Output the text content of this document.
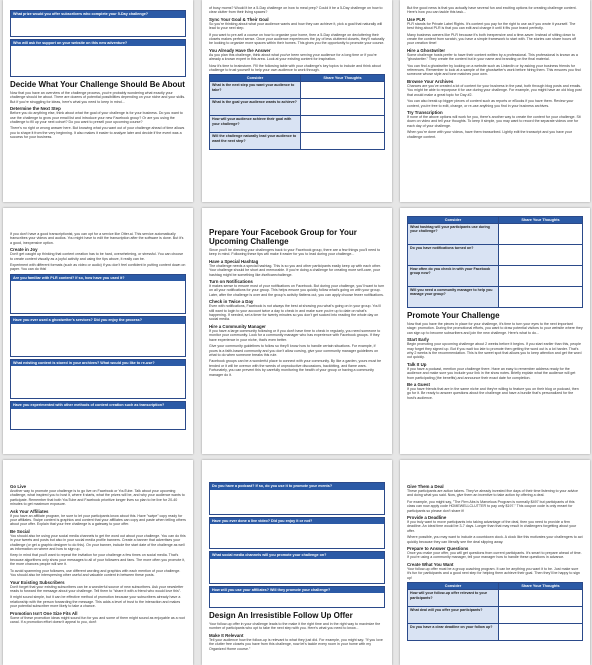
What prize would you offer subscribers who complete your 5-Day challenge?
Who will ask for support on your website on this new adventure?
Decide What Your Challenge Should Be About

Now that you have an overview of the challenge process, you're probably wondering what exactly your challenge should be about. There are dozens of potential possibilities depending on your niche and your skills. But if you're struggling for ideas, here's what you need to keep in mind...

Determine the Next Step

Before you do anything else, think about what the goal of your challenge is for your business. Do you want to use the challenge to grow your email list and introduce your new Facebook group? Or are you using the challenge to fill up your next cohort? Do you want to presell your upcoming course?

There's no right or wrong answer here. But knowing what you want out of your challenge ahead of time allows you to shape it from the very beginning. It also makes it easier to analyze later and decide if the event was a success for your business.

of busy moms? Would it be a 5-Day challenge on how to meal prep? Could it be a 5-Day challenge on how to clear clutter from their living spaces?

Sync Your Goal & Their Goal

So you're thinking about what your audience wants and how they can achieve it, pick a goal that naturally will lead to your next step.

If you want to pre-sell a course on how to organize your home, then a 5-Day challenge on decluttering their closets makes perfect sense. Once your audience experiences the joy of less cluttered closets, they'll naturally be looking to organize more spaces within their homes. This gives you the opportunity to promote your course.

You Already Have the Answer

As you plan this challenge, think about what you've been serving your audience for a long time or if you're already a known expert in this area. Look at your existing content for inspiration.

Now it's time to brainstorm. Fill the following table with your challenge's key topics to include and think about challenge to trust yourself to help your own audience to work through.

Consider	Share Your Thoughts
What is the next step you want your audience to take?	
What is the goal your audience wants to achieve?	
How will your audience achieve their goal with your challenge?	
Will the challenge naturally lead your audience to want the next step?	

But the good news is that you actually have several fun and exciting options for creating challenge content. Here's how you can tackle this task...

Use PLR

PLR stands for Private Label Rights. It's content you pay for the right to use as if you wrote it yourself. The best thing about PLR is that you can edit and change it until it fits your brand perfectly.

Many business owners like PLR because it's both inexpensive and a time-saver. Instead of sitting down to create the content from scratch, you have a simple framework to start with. The stories can share hours off your creation time!

Hire a Ghostwriter

Some challenge hosts prefer to have their content written by a professional. This professional is known as a "ghostwriter." They create the content but in your name and branding on the final material.

You can find a ghostwriter by looking on a website such as LinkedIn or by asking your business friends for references. Remember to look at a sample of the ghostwriter's work before hiring them. This ensures you find someone whose style and tone matches your own.

Browse Your Archives

Chances are you've created a lot of content for your business in the past, both through blog posts and emails. You might be able to repurpose it for use during your challenge. For example, you might have an old blog post that would make a great topic for Day #2.

You can also break up bigger pieces of content such as reports or eBooks if you have them. Review your content, you're free to edit, change, or re-use anything you find in your business archives.

Try Transcription

If none of the above options will work for you, there's another way to create the content for your challenge. Sit down on video and tell your thoughts. To keep it simple, you may want to record the separate videos one for each day of your challenge.

When you're done with your videos, have them transcribed. Lightly edit the transcript and you have your challenge content.

If you don't have a good transcriptionist, you can opt for a service like Otter.ai. This service automatically transcribes your videos and audios. You might have to edit the transcription after the software is done. But it's a good, inexpensive option.

Create in Joy

Don't get caught up thinking that content creation has to be hard, overwhelming, or stressful. You can choose to create content visually as a joyful activity and using the tips above, it really can be.

Experiment with different formats (such as video or audio) if you don't feel confident in putting content down on paper. You can do this!

Are you familiar with PLR content? If so, how have you used it?
Have you ever used a ghostwriter's services? Did you enjoy the process?
What existing content is stored in your archives? What would you like to re-use?
Have you experimented with other methods of content creation such as transcription?
Prepare Your Facebook Group for Your Upcoming Challenge

Since you'll be directing your challengers back to your Facebook group, there are a few things you'll need to keep in mind. Following these tips will make it easier for you to lead during your challenge...

Have a Special Hashtag

The challenge needs a special hashtag. This is so you and other participants easily keep up with each other. Your challenge should be short and memorable. If you're doing a challenge for creating more self-care, your hashtag might be something like #selfcarechallenge.

Turn on Notifications

It makes sense to ensure most of your notifications on Facebook. But during your challenge, you'll want to turn on all your notifications for your group. This helps ensure you quickly follow what's going on with your group. Later, after the challenge is over and the group's activity flattens out, you can apply choose fewer notifications.

Check in Twice a Day

Even with notifications, Facebook is not always the best at showing you what's going on in your group. You'll still want to login to your account twice a day to check in and make sure you're up to date on what's happening. If needed, set a timer for twenty minutes so you don't get sucked into reading the whole day on social media.

Hire a Community Manager

If you have a large community following or if you don't have time to check in regularly, you need someone to monitor your community. Look for a community manager who has experience with Facebook groups. If they have experience in your niche, that's even better.

Give your community guidelines to follow so they'll know how to handle certain situations. For example, if yours is a faith-based community and you don't allow cursing, give your community manager guidelines on what to do when someone breaks this rule.

Facebook groups can be a wonderful place to connect with your community. By like a garden, yours must be tended or it will be overrun with the weeds of unproductive discussions, backbiting, and flame wars. Fortunately, you can prevent this by carefully monitoring the health of your group or having a community manager do it.

Consider	Share Your Thoughts
What hashtag will your participants use during your challenge?	
Do you have notifications turned on?	
How often do you check in with your Facebook group now?	
Will you need a community manager to help you manage your group?	
Promote Your Challenge

Now that you have the pieces in place for your challenge, it's time to turn your eyes to the next important stage: promotion. During the promotional efforts, you want to draw potential visitors to your website where they can sign up to become subscribers and join the new challenge. Here's what to do...

Start Early

Begin promoting your upcoming challenge about 2 weeks before it begins. If you start earlier than this, people may forget they signed up. But if you wait too late to promote then getting the word out is a lot harder. That's why 2 weeks is the recommendation. This is the sweet spot that allows you to keep attention and get the word out quickly.

Talk It Up

If you have a podcast, mention your challenge there. Have an easy to remember address ready for the audience and make sure you include your link in the show notes. Briefly explain what the audience will get from participating (the benefits) and announce their exact date for completion.

Be a Guest

If you have friends that are in the same niche and they're willing to feature you on their blog or podcast, then go for it. Be ready to answer questions about the challenge and have a bundle that's personalized for the host's audience.

Go Live

Another way to promote your challenge is to go live on Facebook or YouTube. Talk about your upcoming challenge, what inspired you to host it, where it starts, what the prizes will be, and why your audience wants to participate. Remember that both YouTube and Facebook prioritize longer lives so plan to be live for 20-40 minutes to get maximum exposure.

Ask Your Affiliates

If you have an affiliate program, be sure to let your participants know about this. Have "swipe" copy ready for your affiliates. Swipe content is graphics and content that your affiliates can copy and paste when telling others about your offer. Explain that your free challenge is a gateway to your offer.

Be Social

You should also be using your social media channels to get the word out about your challenge. You can do this in your tweets and posts but also in your social media profile banners. Create a banner that advertises your challenge (or get a graphic designer to do this). On your banner, include the start date of the challenge as well as information on where and how to sign up.

Keep in mind that you'll want to repeat the invitation for your challenge a few times on social media. That's because algorithms only show your messages to all of your followers and fans. The more often you promote it, the more chances people will see it.

To avoid spamming your followers, use different wording and graphics with each mention of your challenge. You should also be interspersing other useful and valuable content in between these posts.

Your Existing Subscribers

Don't forget that your existing subscribers can be a wonderful source of new subscribers. Ask your newsletter reads to forward the message about your challenge. Tell them to "share it with a friend who would love this".

It might sound simple, but it can be effective method of promotion because your subscribers already have a relationship with the person forwarding the message. This adds a level of trust to the interaction and makes your potential subscriber more likely to take a chance.

Promotion Isn't One Size Fits All

Some of these promotion ideas might sound fun for you and some of them might sound as enjoyable as a root canal. If a promotion effort doesn't appeal to you, don't

Do you have a podcast? If so, do you use it to promote your events?
Have you ever done a live video? Did you enjoy it or not?
What social media channels will you promote your challenge on?
How will you use your affiliates? Will they promote your challenge?
Design An Irresistible Follow Up Offer

Your follow-up offer in your challenge leads to the make it the right time and in the right way to maximize the number of participants who opt to take the next step with you. Here's what you need to know...

Make It Relevant

Tell your audience how the follow-up is relevant to what they just did. For example, you might say: "If you love the clutter free closets you have from this challenge, now let's tackle every room in your home with my Organized Home course."

Give Them a Deal

These participants are action takers. They've already invested five days of their time listening to your advice and doing what you said. Now, give them an incentive to take action by offering a deal.

For example, you might say, "The Firm Abs is Marvelous Program is normally $497 but participants of this class can now apply code HOMEWELLCLUTTER to pay only $197." This coupon code is only meant for participants so please don't share it!

Provide a Deadline

If you truly want to move participants into taking advantage of the deal, then you need to provide a firm deadline. An ideal time would be 3-7 days. Longer than that may result in challengers forgetting about your offer.

Where possible, you may want to include a countdown clock. A clock like this motivates your challengers to act quickly because they can literally see the deal slipping away.

Prepare to Answer Questions

Once you make your offer, you will get questions from current participants. It's smart to prepare ahead of time. If you're using a community manager, tell your manager how to handle these questions in advance.

Create What You Want

Your follow-up offer must be a group coaching program. It can be anything you want it to be. Just make sure it's fun for participants and a good next step for helping them achieve their goal. Then they'll be happy to sign up!

Consider	Share Your Thoughts
How will your follow-up offer relevant to your participants?	
What deal will you offer your participants?	
Do you have a clear deadline on your follow up?	
